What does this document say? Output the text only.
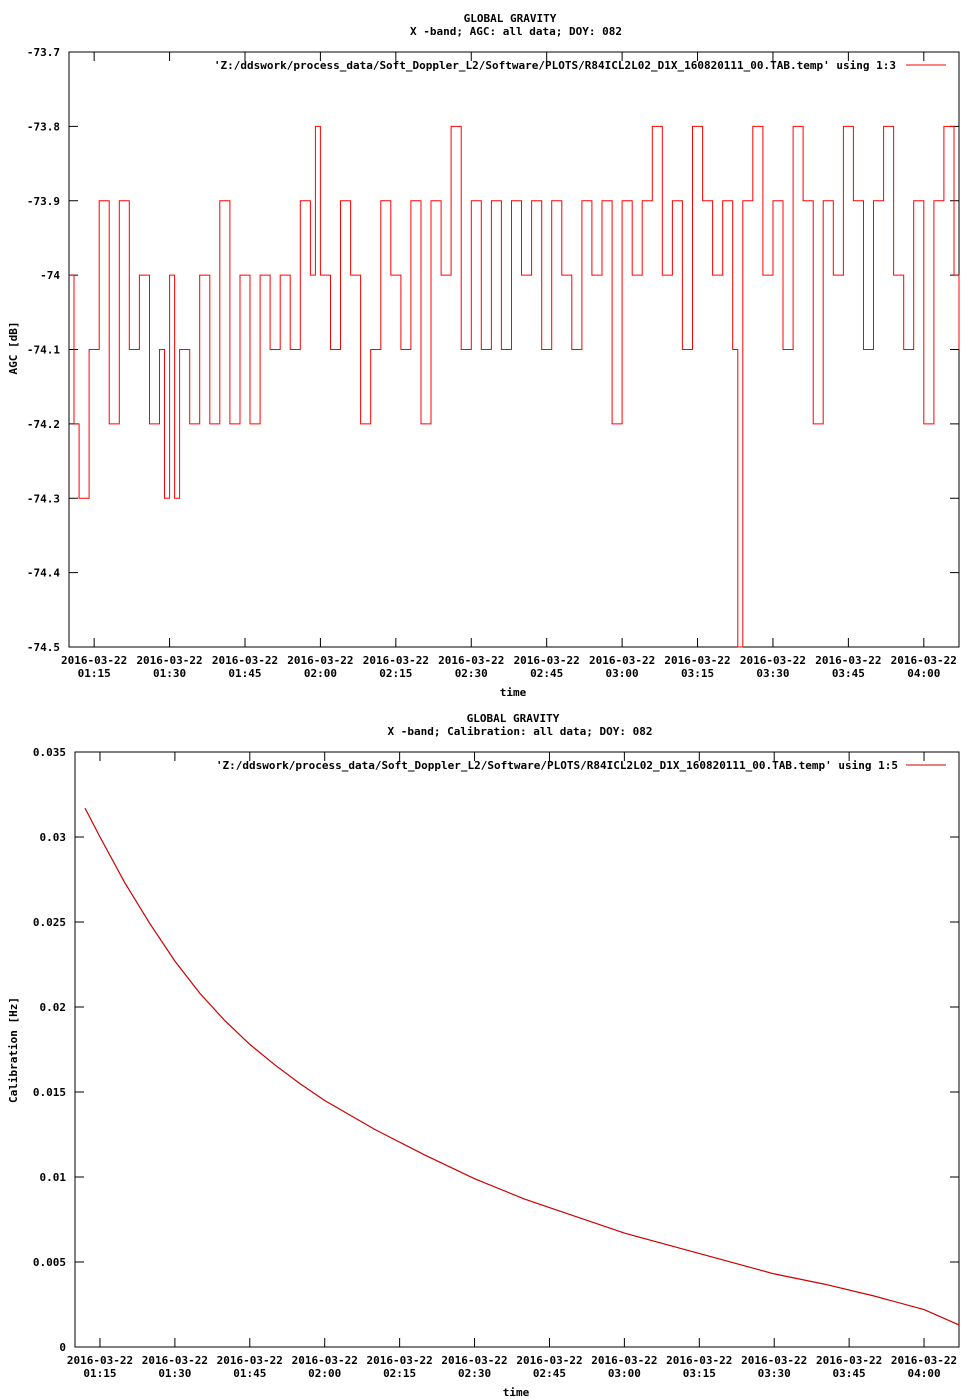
GLOBAL GRAVITY
X -band; AGC: all data; DOY: 082
time
AGC [dB]
'Z:/ddswork/process_data/Soft_Doppler_L2/Software/PLOTS/R84ICL2L02_D1X_160820111_00.TAB.temp' using 1:3
GLOBAL GRAVITY
X -band; Calibration: all data; DOY: 082
time
Calibration [Hz]
'Z:/ddswork/process_data/Soft_Doppler_L2/Software/PLOTS/R84ICL2L02_D1X_160820111_00.TAB.temp' using 1:5
-73.7
-73.8
-73.9
-74
-74.1
-74.2
-74.3
-74.4
-74.5
2016-03-22
01:15
2016-03-22
01:30
2016-03-22
01:45
2016-03-22
02:00
2016-03-22
02:15
2016-03-22
02:30
2016-03-22
02:45
2016-03-22
03:00
2016-03-22
03:15
2016-03-22
03:30
2016-03-22
03:45
2016-03-22
04:00
0.035
0.03
0.025
0.02
0.015
0.01
0.005
0
2016-03-22
01:15
2016-03-22
01:30
2016-03-22
01:45
2016-03-22
02:00
2016-03-22
02:15
2016-03-22
02:30
2016-03-22
02:45
2016-03-22
03:00
2016-03-22
03:15
2016-03-22
03:30
2016-03-22
03:45
2016-03-22
04:00
